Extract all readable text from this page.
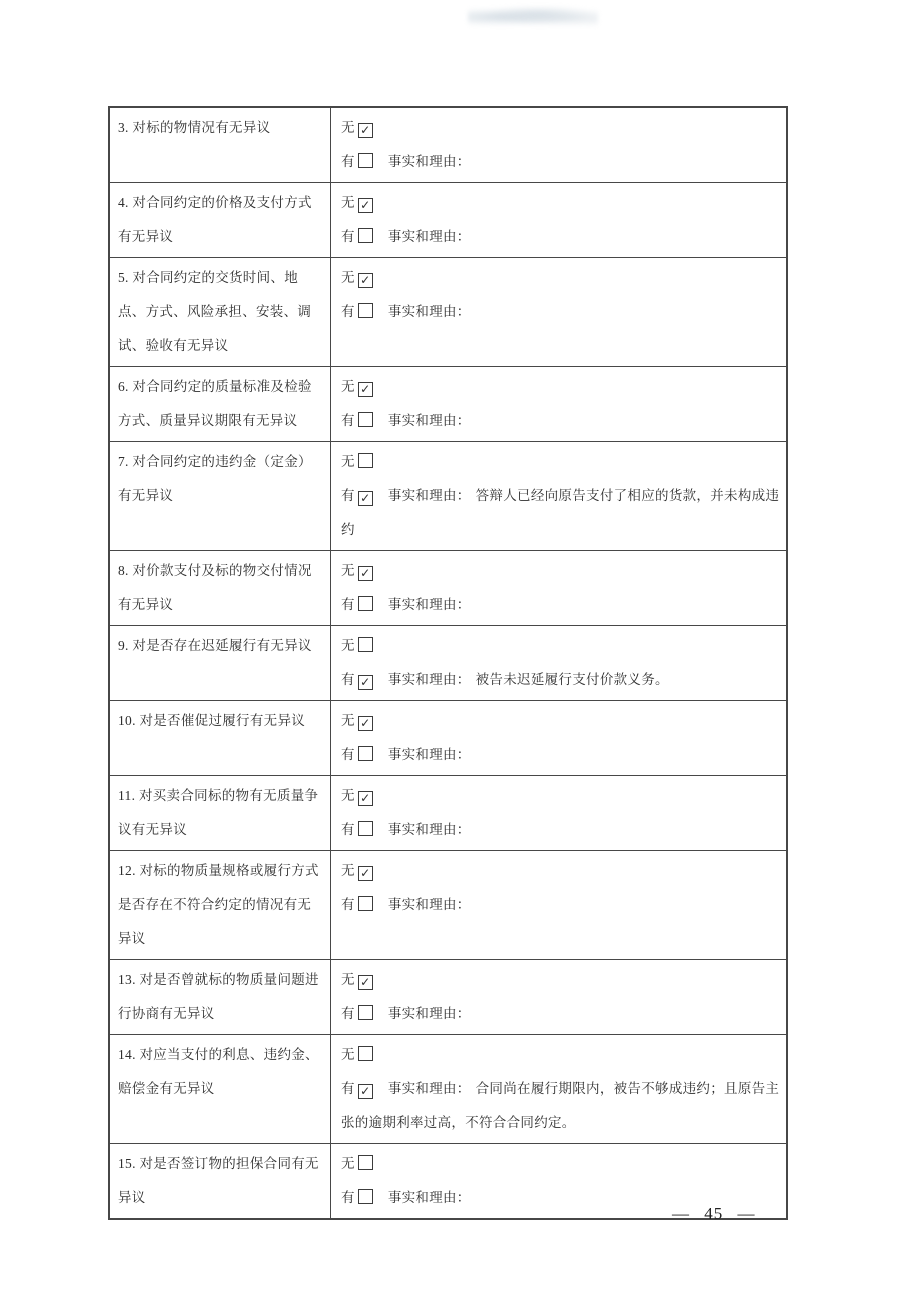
3. 对标的物情况有无异议	无 ✓
有 事实和理由：

4. 对合同约定的价格及支付方式有无异议	无 ✓
有 事实和理由：

5. 对合同约定的交货时间、地点、方式、风险承担、安装、调试、验收有无异议	无 ✓
有 事实和理由：

6. 对合同约定的质量标准及检验方式、质量异议期限有无异议	无 ✓
有 事实和理由：

7. 对合同约定的违约金（定金）有无异议	无
有 ✓ 事实和理由： 答辩人已经向原告支付了相应的货款，并未构成违约

8. 对价款支付及标的物交付情况有无异议	无 ✓
有 事实和理由：

9. 对是否存在迟延履行有无异议	无
有 ✓ 事实和理由： 被告未迟延履行支付价款义务。

10. 对是否催促过履行有无异议	无 ✓
有 事实和理由：

11. 对买卖合同标的物有无质量争议有无异议	无 ✓
有 事实和理由：

12. 对标的物质量规格或履行方式是否存在不符合约定的情况有无异议	无 ✓
有 事实和理由：

13. 对是否曾就标的物质量问题进行协商有无异议	无 ✓
有 事实和理由：

14. 对应当支付的利息、违约金、赔偿金有无异议	无
有 ✓ 事实和理由： 合同尚在履行期限内，被告不够成违约；且原告主张的逾期利率过高，不符合合同约定。

15. 对是否签订物的担保合同有无异议	无
有 事实和理由：
— 45 —
